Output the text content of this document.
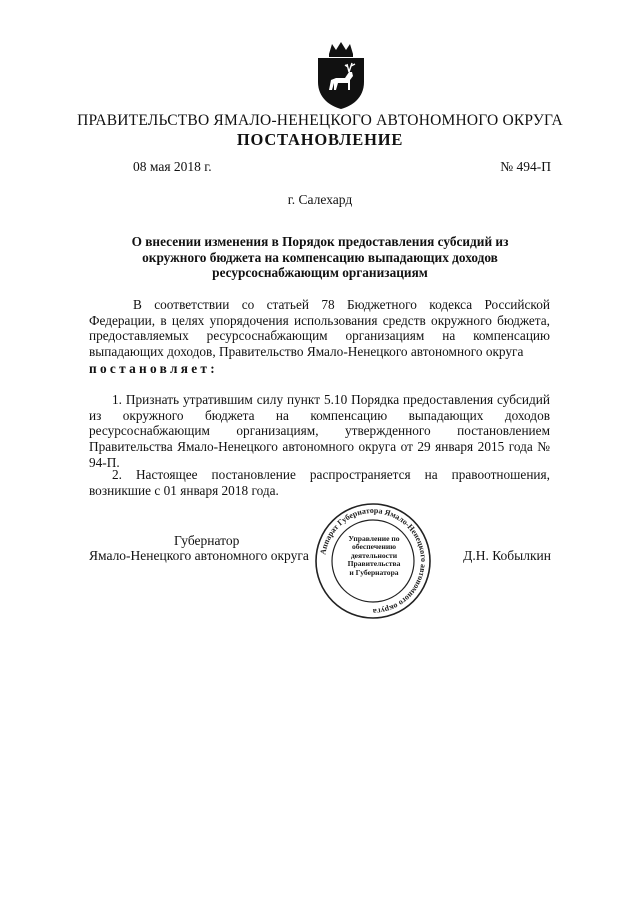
ПРАВИТЕЛЬСТВО ЯМАЛО-НЕНЕЦКОГО АВТОНОМНОГО ОКРУГА
ПОСТАНОВЛЕНИЕ
08 мая 2018 г.	№ 494-П
г. Салехард
О внесении изменения в Порядок предоставления субсидий из окружного бюджета на компенсацию выпадающих доходов ресурсоснабжающим организациям
В соответствии со статьей 78 Бюджетного кодекса Российской Федерации, в целях упорядочения использования средств окружного бюджета, предоставляемых ресурсоснабжающим организациям на компенсацию выпадающих доходов, Правительство Ямало-Ненецкого автономного округа
постановляет:
1. Признать утратившим силу пункт 5.10 Порядка предоставления субсидий из окружного бюджета на компенсацию выпадающих доходов ресурсоснабжающим организациям, утвержденного постановлением Правительства Ямало-Ненецкого автономного округа от 29 января 2015 года № 94-П.
2. Настоящее постановление распространяется на правоотношения, возникшие с 01 января 2018 года.
Губернатор
Ямало-Ненецкого автономного округа	Д.Н. Кобылкин
Аппарат Губернатора Ямало-Ненецкого автономного округа
Управление по
обеспечению
деятельности
Правительства
и Губернатора
